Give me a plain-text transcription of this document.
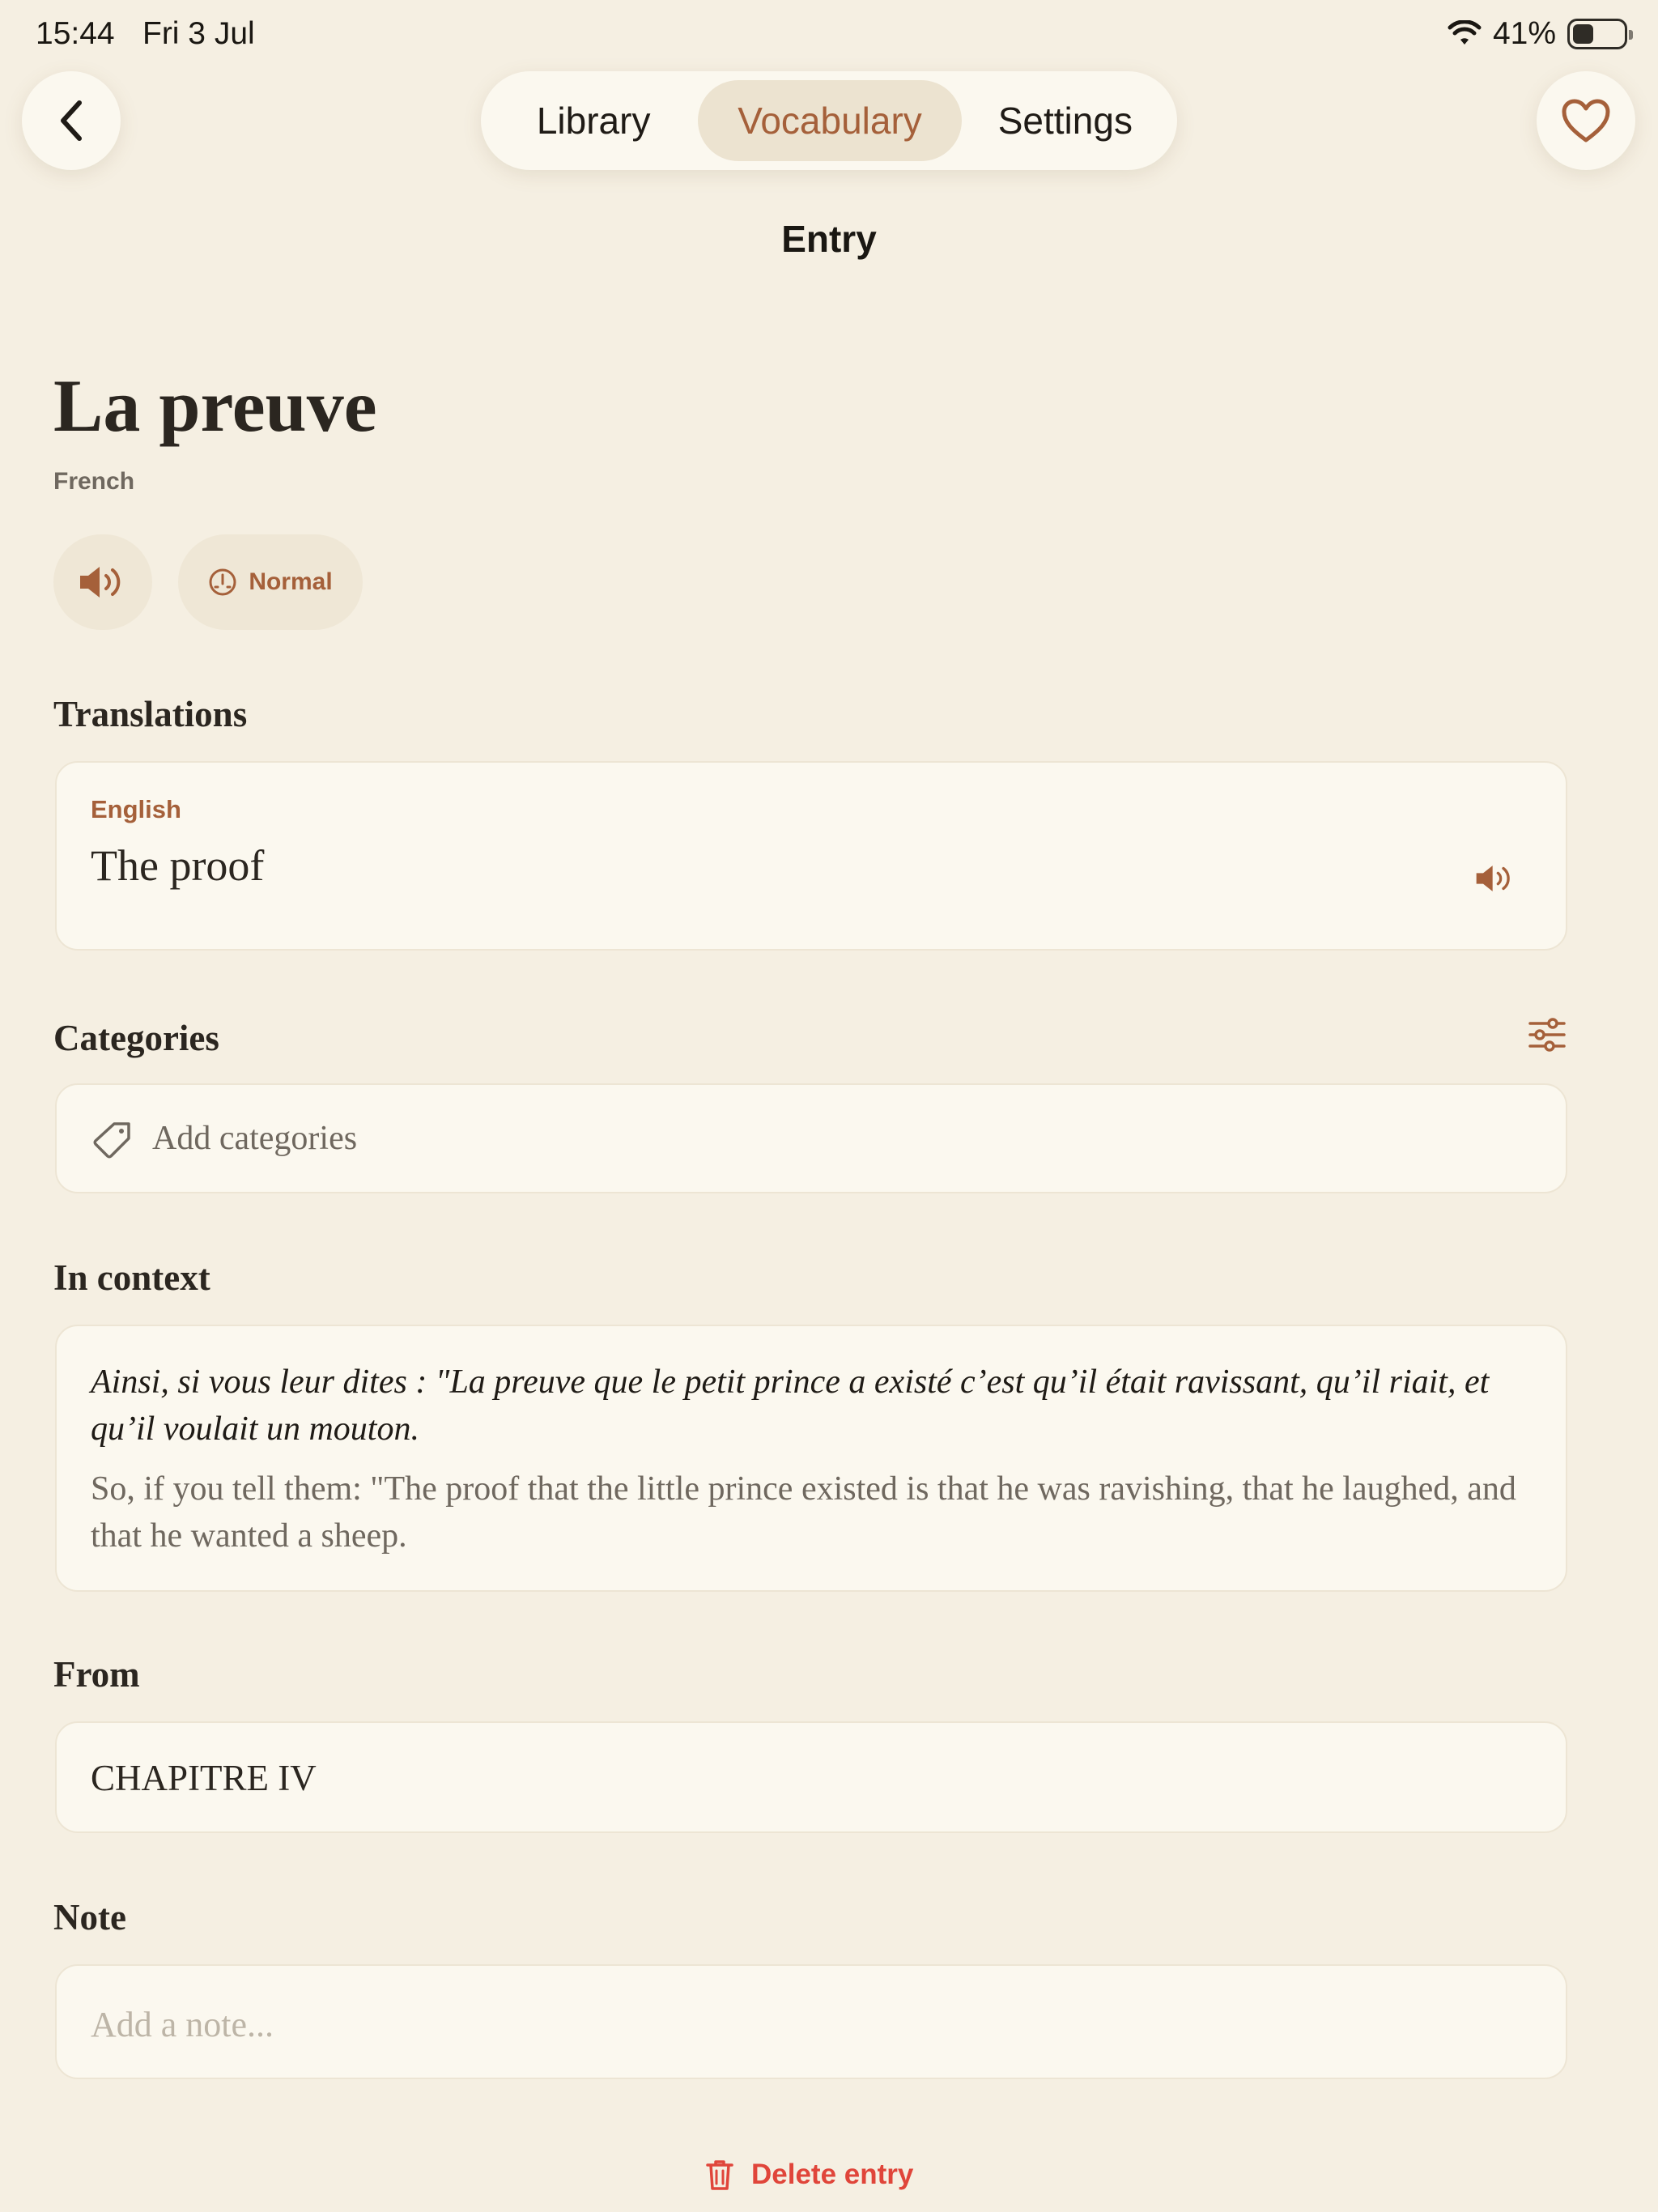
15:44 Fri 3 Jul	41%
Library	Vocabulary	Settings
Entry
La preuve
French
Normal
Translations
English
The proof
Categories
Add categories
In context

Ainsi, si vous leur dites : "La preuve que le petit prince a existé c’est qu’il était ravissant, qu’il riait, et qu’il voulait un mouton.

So, if you tell them: "The proof that the little prince existed is that he was ravishing, that he laughed, and that he wanted a sheep.

From
CHAPITRE IV
Note
Add a note...
Delete entry
